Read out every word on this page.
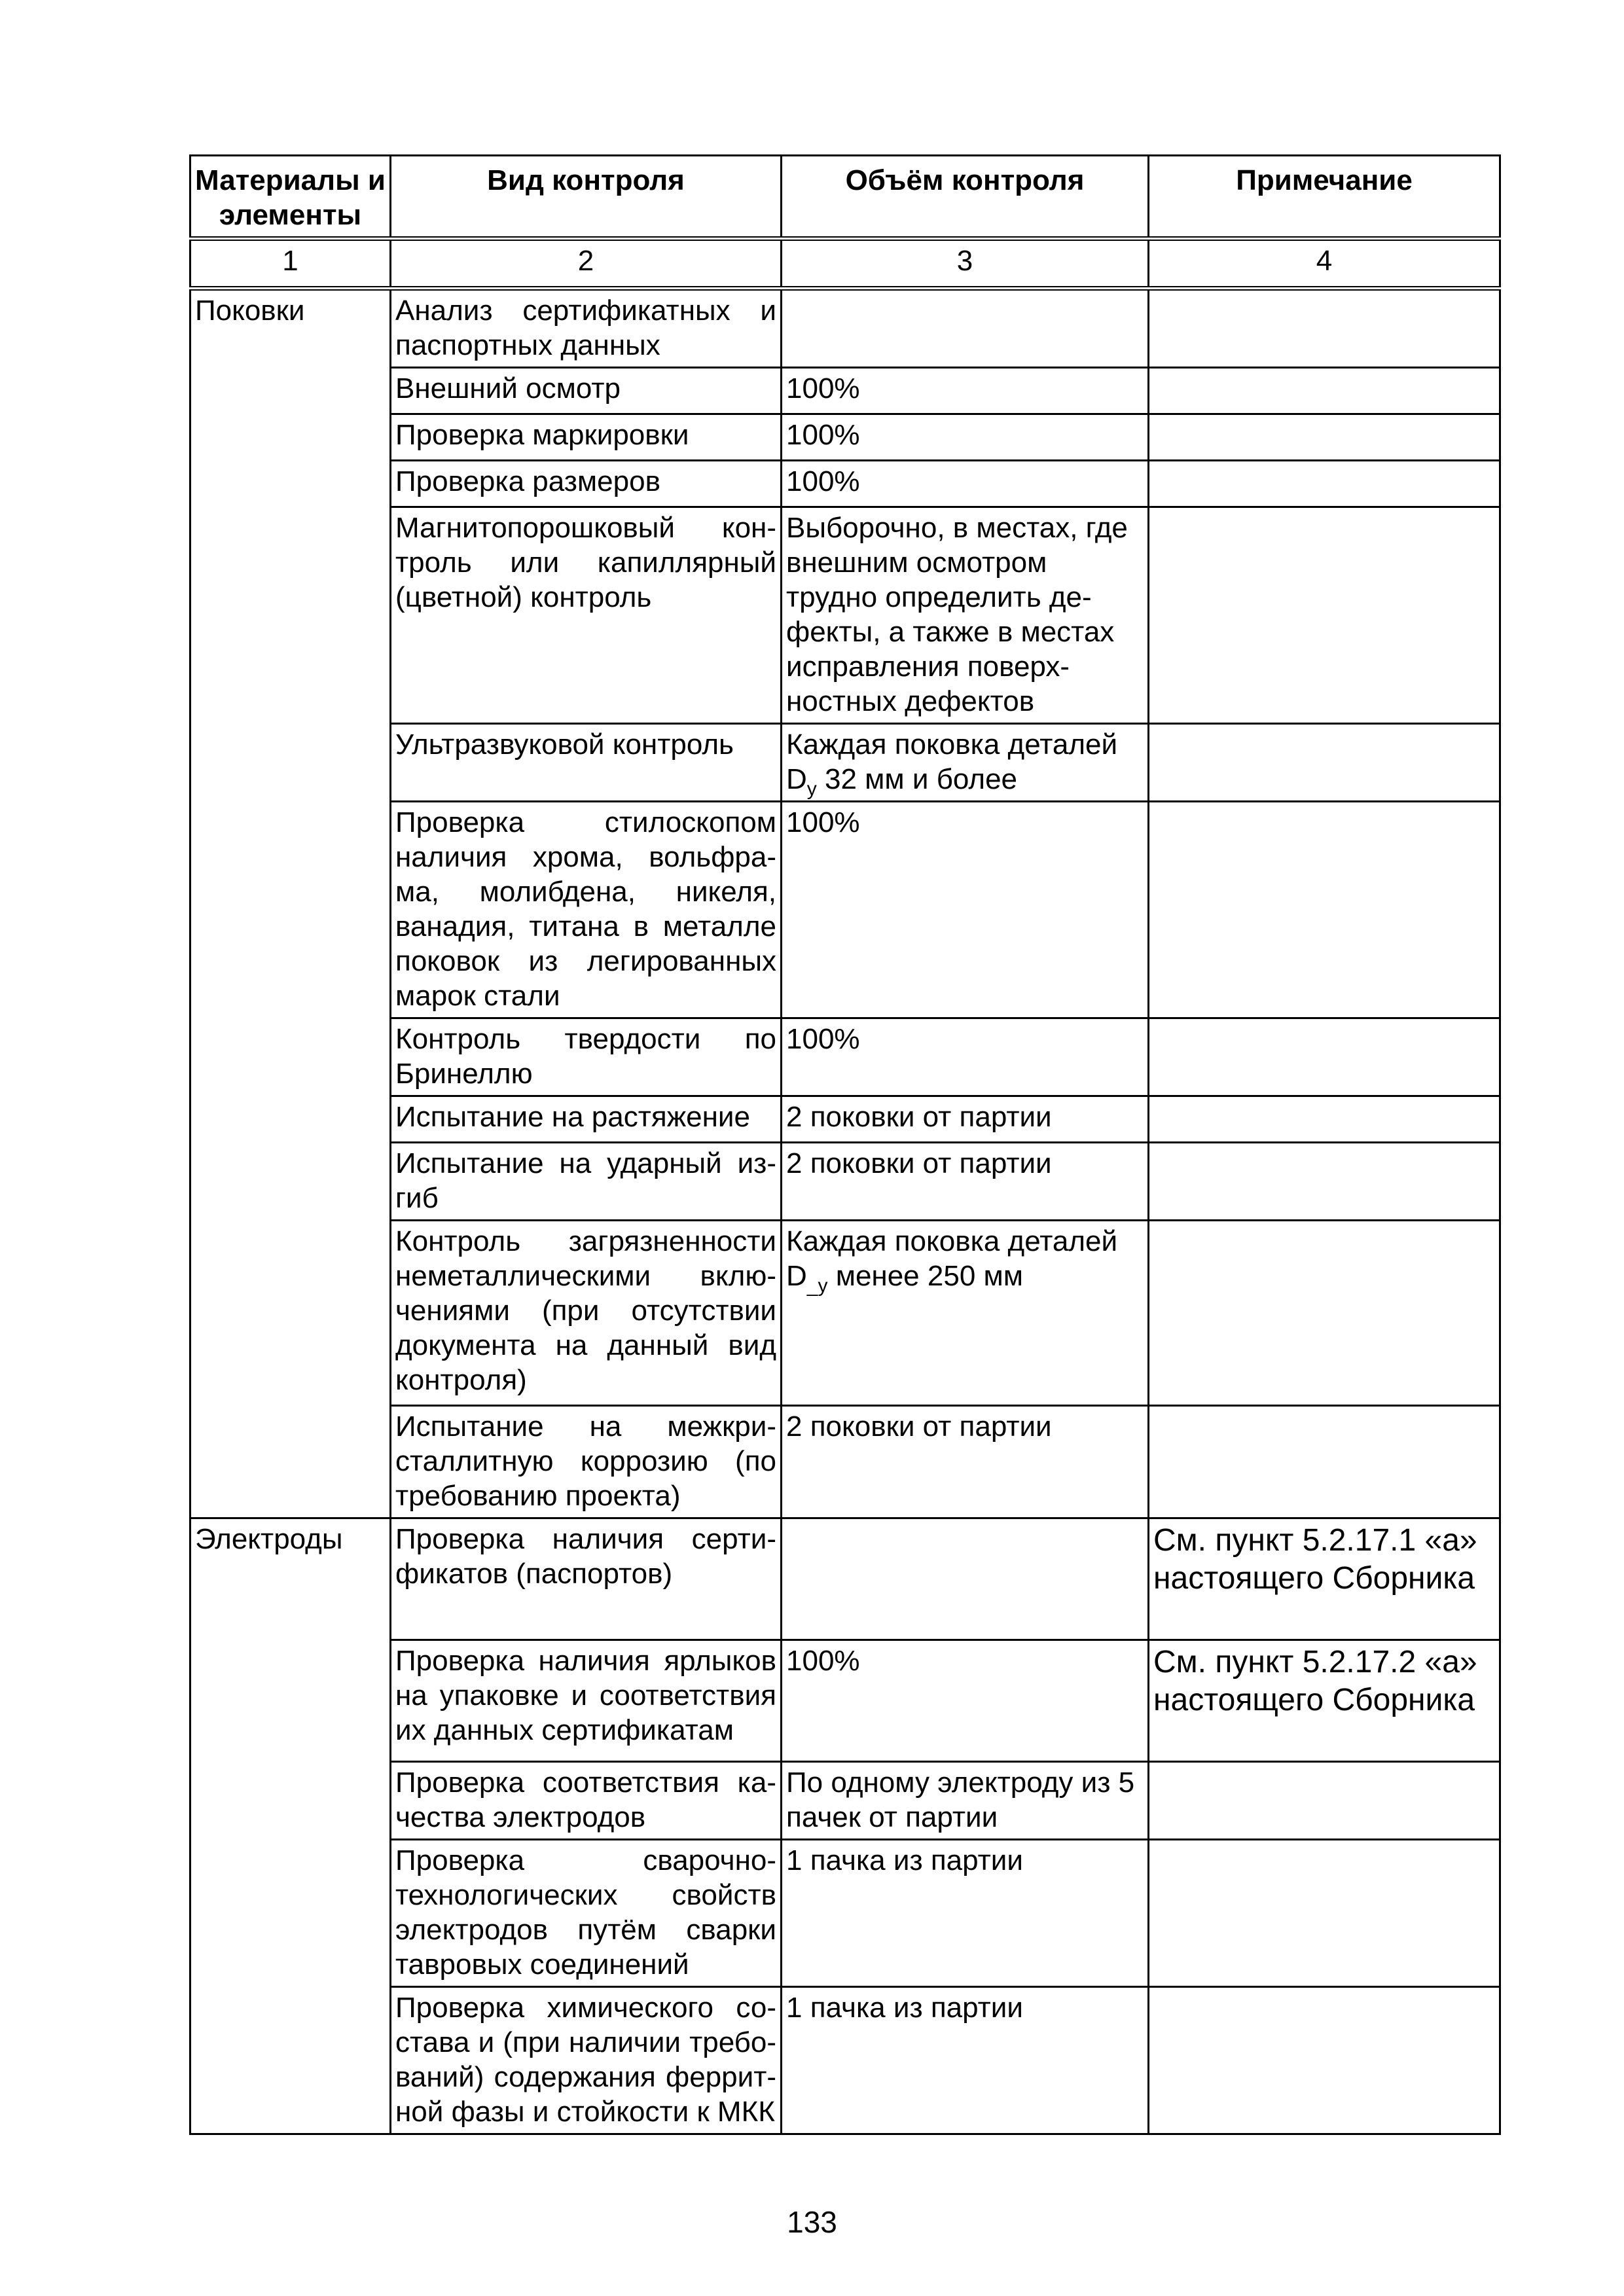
Материалы и элементы	Вид контроля	Объём контроля	Примечание
1	2	3	4
Поковки	Анализ сертификатных и паспортных данных		
	Внешний осмотр	100%	
	Проверка маркировки	100%	
	Проверка размеров	100%	
	Магнитопорошковый кон-троль или капиллярный (цветной) контроль	Выборочно, в местах, где внешним осмотром трудно определить де-фекты, а также в местах исправления поверх-ностных дефектов	
	Ультразвуковой контроль	Каждая поковка деталей $D_у$ 32 мм и более	
	Проверка стилоскопом наличия хрома, вольфра-ма, молибдена, никеля, ванадия, титана в металле поковок из легированных марок стали	100%	
	Контроль твердости по Бринеллю	100%	
	Испытание на растяжение	2 поковки от партии	
	Испытание на ударный из-гиб	2 поковки от партии	
	Контроль загрязненности неметаллическими вклю-чениями (при отсутствии документа на данный вид контроля)	Каждая поковка деталей $D_{\_у}$ менее 250 мм	
	Испытание на межкри-сталлитную коррозию (по требованию проекта)	2 поковки от партии	
Электроды	Проверка наличия серти-фикатов (паспортов)		См. пункт 5.2.17.1 «а» настоящего Сборника
	Проверка наличия ярлыков на упаковке и соответствия их данных сертификатам	100%	См. пункт 5.2.17.2 «а» настоящего Сборника
	Проверка соответствия ка-чества электродов	По одному электроду из 5 пачек от партии	
	Проверка сварочно-технологических свойств электродов путём сварки тавровых соединений	1 пачка из партии	
	Проверка химического со-става и (при наличии требо-ваний) содержания феррит-ной фазы и стойкости к МКК	1 пачка из партии	
133
